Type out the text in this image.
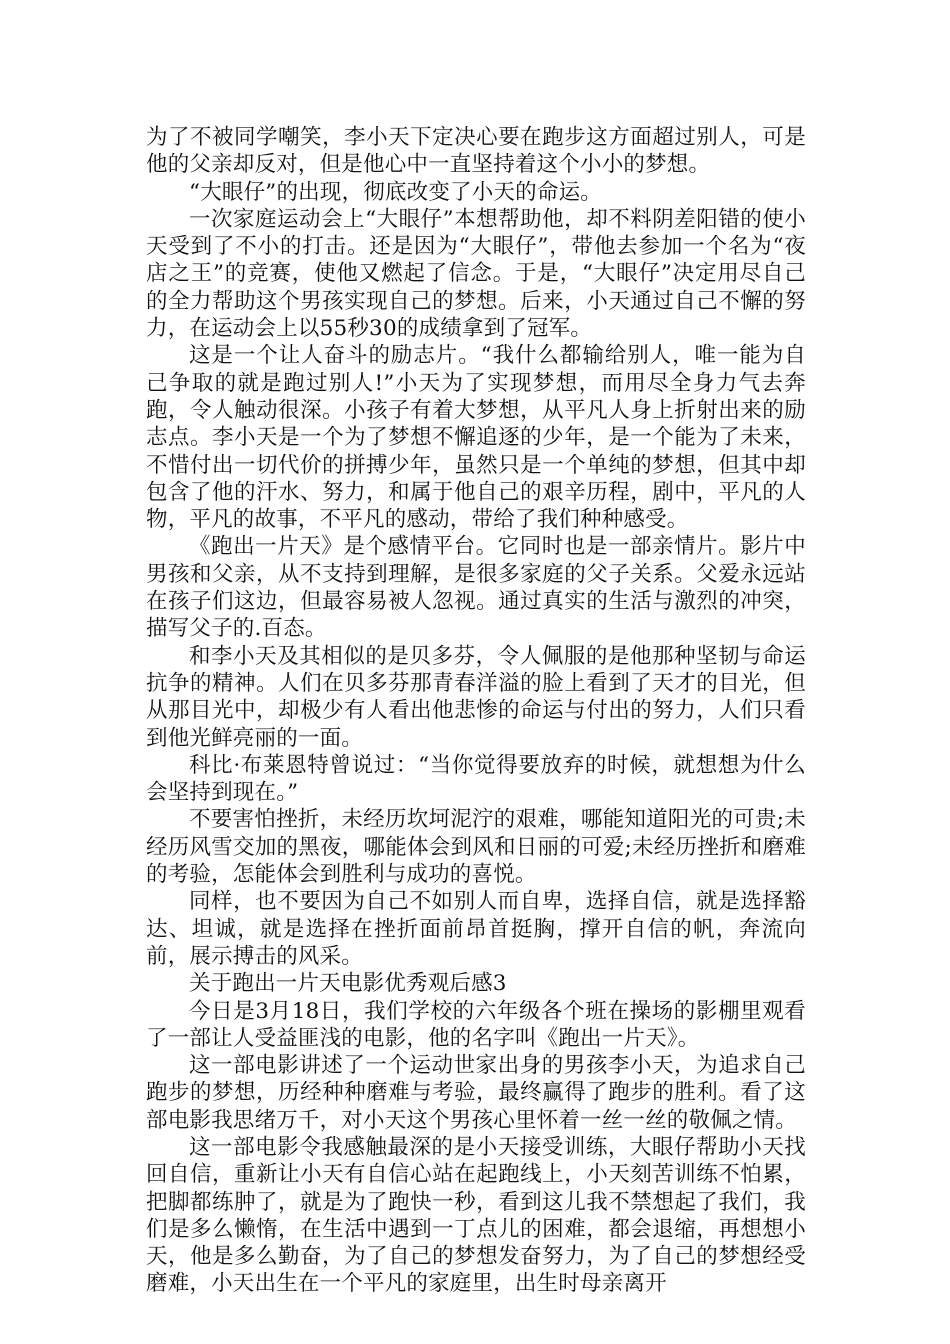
为了不被同学嘲笑，李小天下定决心要在跑步这方面超过别人，可是他的父亲却反对，但是他心中一直坚持着这个小小的梦想。

“大眼仔”的出现，彻底改变了小天的命运。

一次家庭运动会上“大眼仔”本想帮助他，却不料阴差阳错的使小天受到了不小的打击。还是因为“大眼仔”，带他去参加一个名为“夜店之王”的竞赛，使他又燃起了信念。于是，“大眼仔”决定用尽自己的全力帮助这个男孩实现自己的梦想。后来，小天通过自己不懈的努力，在运动会上以55秒30的成绩拿到了冠军。

这是一个让人奋斗的励志片。“我什么都输给别人，唯一能为自己争取的就是跑过别人!”小天为了实现梦想，而用尽全身力气去奔跑，令人触动很深。小孩子有着大梦想，从平凡人身上折射出来的励志点。李小天是一个为了梦想不懈追逐的少年，是一个能为了未来，不惜付出一切代价的拼搏少年，虽然只是一个单纯的梦想，但其中却包含了他的汗水、努力，和属于他自己的艰辛历程，剧中，平凡的人物，平凡的故事，不平凡的感动，带给了我们种种感受。

《跑出一片天》是个感情平台。它同时也是一部亲情片。影片中男孩和父亲，从不支持到理解，是很多家庭的父子关系。父爱永远站在孩子们这边，但最容易被人忽视。通过真实的生活与激烈的冲突，描写父子的.百态。

和李小天及其相似的是贝多芬，令人佩服的是他那种坚韧与命运抗争的精神。人们在贝多芬那青春洋溢的脸上看到了天才的目光，但从那目光中，却极少有人看出他悲惨的命运与付出的努力，人们只看到他光鲜亮丽的一面。

科比·布莱恩特曾说过：“当你觉得要放弃的时候，就想想为什么会坚持到现在。”

不要害怕挫折，未经历坎坷泥泞的艰难，哪能知道阳光的可贵;未经历风雪交加的黑夜，哪能体会到风和日丽的可爱;未经历挫折和磨难的考验，怎能体会到胜利与成功的喜悦。

同样，也不要因为自己不如别人而自卑，选择自信，就是选择豁达、坦诚，就是选择在挫折面前昂首挺胸，撑开自信的帆，奔流向前，展示搏击的风采。

关于跑出一片天电影优秀观后感3

今日是3月18日，我们学校的六年级各个班在操场的影棚里观看了一部让人受益匪浅的电影，他的名字叫《跑出一片天》。

这一部电影讲述了一个运动世家出身的男孩李小天，为追求自己跑步的梦想，历经种种磨难与考验，最终赢得了跑步的胜利。看了这部电影我思绪万千，对小天这个男孩心里怀着一丝一丝的敬佩之情。

这一部电影令我感触最深的是小天接受训练，大眼仔帮助小天找回自信，重新让小天有自信心站在起跑线上，小天刻苦训练不怕累，把脚都练肿了，就是为了跑快一秒，看到这儿我不禁想起了我们，我们是多么懒惰，在生活中遇到一丁点儿的困难，都会退缩，再想想小天，他是多么勤奋，为了自己的梦想发奋努力，为了自己的梦想经受磨难，小天出生在一个平凡的家庭里，出生时母亲离开
